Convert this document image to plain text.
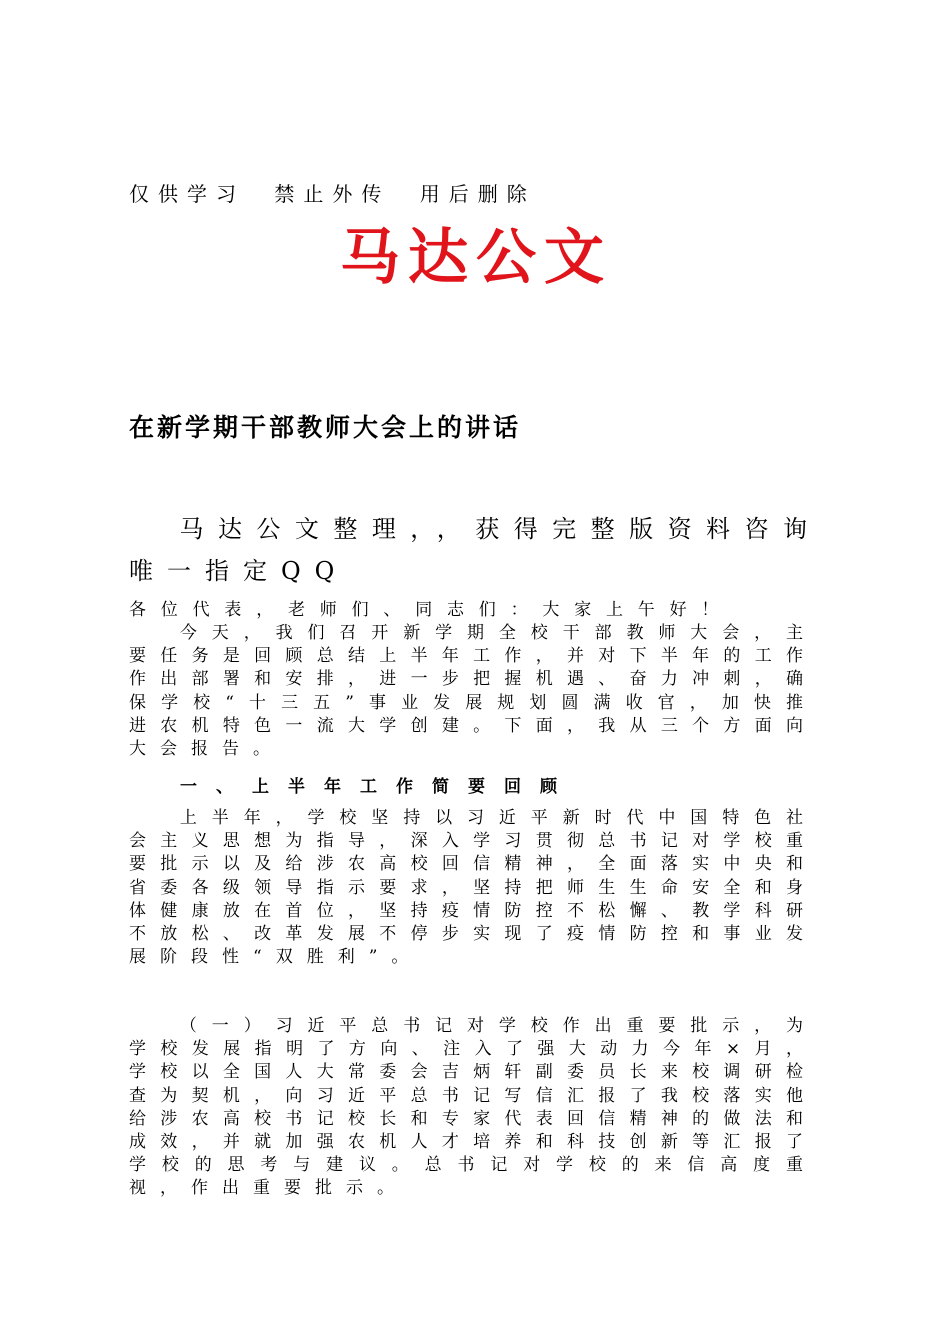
仅供学习 禁止外传 用后删除
马达公文
在新学期干部教师大会上的讲话
马达公文整理，，获得完整版资料咨询唯一指定QQ
各位代表，老师们、同志们：大家上午好！
今天，我们召开新学期全校干部教师大会，主要任务是回顾总结上半年工作，并对下半年的工作作出部署和安排，进一步把握机遇、奋力冲刺，确保学校“十三五”事业发展规划圆满收官，加快推进农机特色一流大学创建。下面，我从三个方面向大会报告。
一、上半年工作简要回顾
上半年，学校坚持以习近平新时代中国特色社会主义思想为指导，深入学习贯彻总书记对学校重要批示以及给涉农高校回信精神，全面落实中央和省委各级领导指示要求，坚持把师生生命安全和身体健康放在首位，坚持疫情防控不松懈、教学科研不放松、改革发展不停步实现了疫情防控和事业发展阶段性“双胜利”。
（一）习近平总书记对学校作出重要批示，为学校发展指明了方向、注入了强大动力今年×月，学校以全国人大常委会吉炳轩副委员长来校调研检查为契机，向习近平总书记写信汇报了我校落实他给涉农高校书记校长和专家代表回信精神的做法和成效，并就加强农机人才培养和科技创新等汇报了学校的思考与建议。总书记对学校的来信高度重视，作出重要批示。
